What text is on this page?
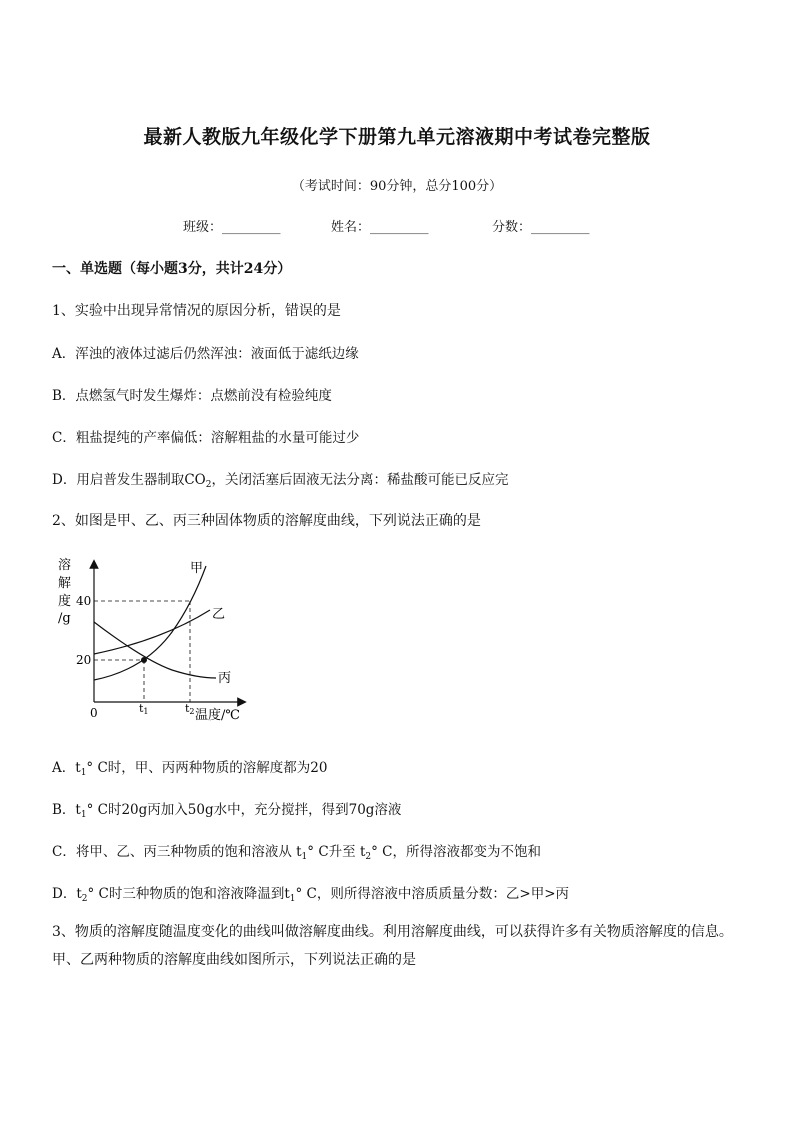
最新人教版九年级化学下册第九单元溶液期中考试卷完整版
（考试时间：90分钟，总分100分）
班级：_________	姓名：_________	分数：_________
一、单选题（每小题3分，共计24分）
1、实验中出现异常情况的原因分析，错误的是
A．浑浊的液体过滤后仍然浑浊：液面低于滤纸边缘
B．点燃氢气时发生爆炸：点燃前没有检验纯度
C．粗盐提纯的产率偏低：溶解粗盐的水量可能过少
D．用启普发生器制取$CO_2$，关闭活塞后固液无法分离：稀盐酸可能已反应完
2、如图是甲、乙、丙三种固体物质的溶解度曲线，下列说法正确的是
溶
解
度
/g
40
20
0	t1	t2 温度/℃
甲
乙
丙
A．$t_1^\circ$ C时，甲、丙两种物质的溶解度都为20
B．$t_1^\circ$ C时20g丙加入50g水中，充分搅拌，得到70g溶液
C．将甲、乙、丙三种物质的饱和溶液从 $t_1^\circ$ C升至 $t_2^\circ$ C，所得溶液都变为不饱和
D．$t_2^\circ$ C时三种物质的饱和溶液降温到$t_1^\circ$ C，则所得溶液中溶质质量分数：乙>甲>丙
3、物质的溶解度随温度变化的曲线叫做溶解度曲线。利用溶解度曲线，可以获得许多有关物质溶解度的信息。甲、乙两种物质的溶解度曲线如图所示，下列说法正确的是
